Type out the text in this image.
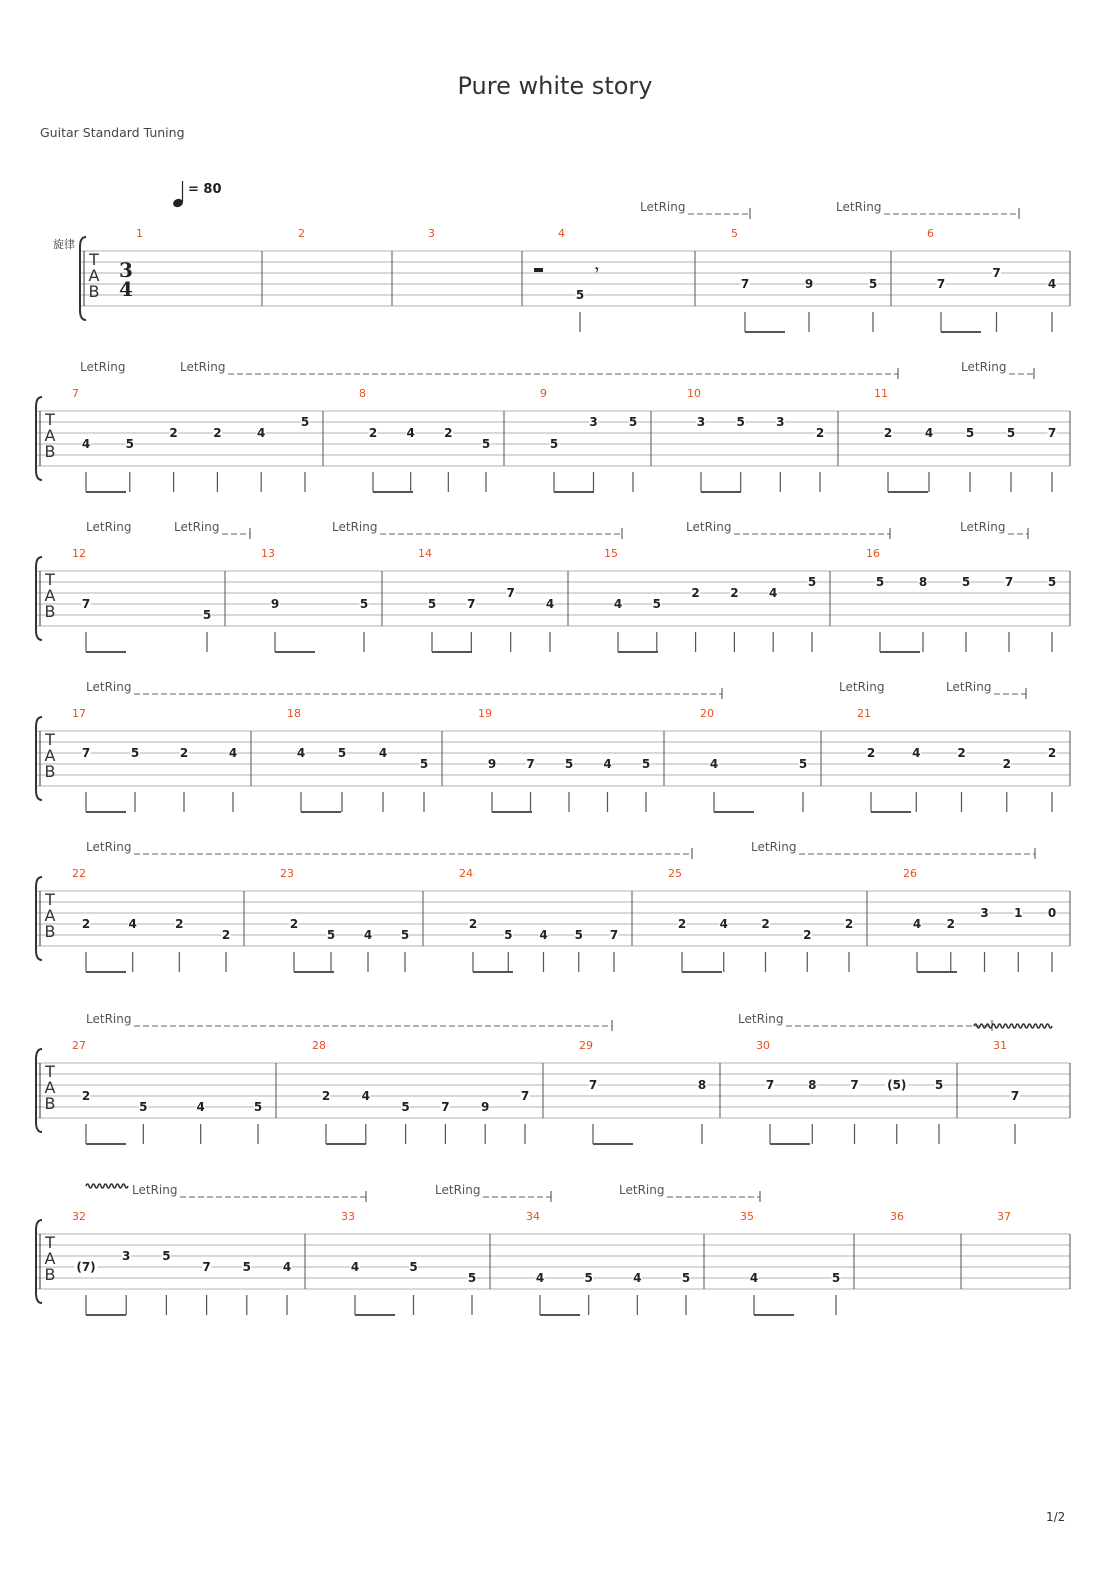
Pure white story
Guitar Standard Tuning
1/2
= 80
T
A
B
旋律
3
4
1	2	3	4
5
5
7	9	5
6
7
7
4
LetRing	LetRing
T
A
B
7
4	5
2	2	4
5
8
2 4 2
5
9
5
3	5
10
3	5	3
2
11
2	4	5	5	7
LetRing	LetRing	LetRing
T
A
B
12
7
5
13
9	5
14
5	7
7
4
15
4	5
2	2	4
5
16
5	8	5	7	5
LetRing	LetRing	LetRing	LetRing	LetRing
T
A
B
17
7	5	2	4
18
4	5	4
5
19
9	7	5	4	5
20
4	5
21
2	4	2
2
2
LetRing	LetRing	LetRing
T
A
B
22
2	4	2
2
23
2
5 4 5
24
2
5 4 5 7
25
2	4	2
2
2
26
4 2
3 1 0
LetRing	LetRing
T
A
B
27
2
5	4	5
28
2	4
5	7	9
7
29
7	8
30
7	8	7 (5) 5
31
7
LetRing	LetRing
T
A
B
32
(7)
3	5
7	5	4
33
4	5
5
34
4	5	4	5
35
4	5
36	37
LetRing	LetRing	LetRing
𝄾
